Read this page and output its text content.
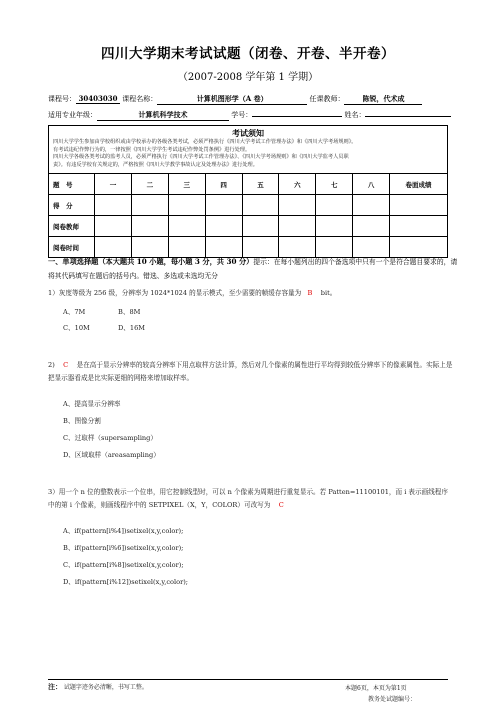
四川大学期末考试试题（闭卷、开卷、半开卷）
（2007-2008 学年第 1 学期）
课程号： 30403030 课程名称：	计算机图形学（A 卷）	任课教师：	陈锐，代术成
适用专业年级：	计算机科学技术	学号：	姓名：
考试须知
四川大学学生参加由学校组织或由学校承办的各级各类考试，必须严格执行《四川大学考试工作管理办法》和《四川大学考场规则》。
有考试违纪作弊行为的，一律按照《四川大学学生考试违纪作弊处罚条例》进行处理。
四川大学各级各类考试的监考人员，必须严格执行《四川大学考试工作管理办法》、《四川大学考场规则》和《四川大学监考人员职
责》。有违反学校有关规定的，严格按照《四川大学教学事故认定及处理办法》进行处理。
题　号	一	二	三	四	五	六	七	八	卷面成绩
得　分									
阅卷教师									
阅卷时间									
一、单项选择题（本大题共 10 小题，每小题 3 分，共 30 分）提示：在每小题列出的四个备选项中只有一个是符合题目要求的，请将其代码填写在题后的括号内。错选、多选或未选均无分
1）灰度等级为 256 级，分辨率为 1024*1024 的显示模式，至少需要的帧缓存容量为 B bit。
A、7M	B、8M
C、10M	D、16M
2) C 是在高于显示分辨率的较高分辨率下用点取样方法计算，然后对几个像素的属性进行平均得到较低分辨率下的像素属性。实际上是把显示器看成是比实际更细的网格来增加取样率。
A、提高显示分辨率
B、图像分割
C、过取样（supersampling）
D、区域取样（areasampling）
3）用一个 n 位的整数表示一个位串，用它控制线型时，可以 n 个像素为周期进行重复显示。若 Patten=11100101，而 i 表示画线程序中的第 i 个像素，则画线程序中的 SETPIXEL（X，Y，COLOR）可改写为 C
A、if(pattern[i%4])setixel(x,y,color);
B、if(pattern[i%6])setixel(x,y,color);
C、if(pattern[i%8])setixel(x,y,color);
D、if(pattern[i%12])setixel(x,y,color);
注： 试题字迹务必清晰，书写工整。	本题6页，本页为第1页
教务处试题编号：
